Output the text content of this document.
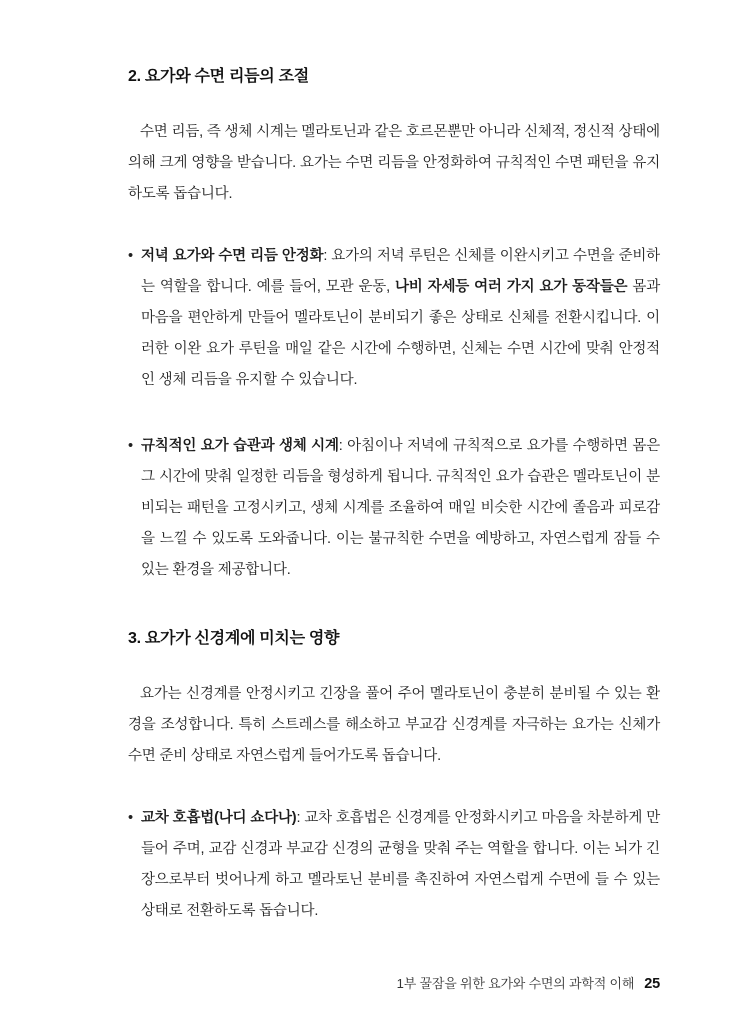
2. 요가와 수면 리듬의 조절

수면 리듬, 즉 생체 시계는 멜라토닌과 같은 호르몬뿐만 아니라 신체적, 정신적 상태에 의해 크게 영향을 받습니다. 요가는 수면 리듬을 안정화하여 규칙적인 수면 패턴을 유지하도록 돕습니다.

• 저녁 요가와 수면 리듬 안정화: 요가의 저녁 루틴은 신체를 이완시키고 수면을 준비하는 역할을 합니다. 예를 들어, 모관 운동, 나비 자세등 여러 가지 요가 동작들은 몸과 마음을 편안하게 만들어 멜라토닌이 분비되기 좋은 상태로 신체를 전환시킵니다. 이러한 이완 요가 루틴을 매일 같은 시간에 수행하면, 신체는 수면 시간에 맞춰 안정적인 생체 리듬을 유지할 수 있습니다.
• 규칙적인 요가 습관과 생체 시계: 아침이나 저녁에 규칙적으로 요가를 수행하면 몸은 그 시간에 맞춰 일정한 리듬을 형성하게 됩니다. 규칙적인 요가 습관은 멜라토닌이 분비되는 패턴을 고정시키고, 생체 시계를 조율하여 매일 비슷한 시간에 졸음과 피로감을 느낄 수 있도록 도와줍니다. 이는 불규칙한 수면을 예방하고, 자연스럽게 잠들 수 있는 환경을 제공합니다.
3. 요가가 신경계에 미치는 영향

요가는 신경계를 안정시키고 긴장을 풀어 주어 멜라토닌이 충분히 분비될 수 있는 환경을 조성합니다. 특히 스트레스를 해소하고 부교감 신경계를 자극하는 요가는 신체가 수면 준비 상태로 자연스럽게 들어가도록 돕습니다.

• 교차 호흡법(나디 쇼다나): 교차 호흡법은 신경계를 안정화시키고 마음을 차분하게 만들어 주며, 교감 신경과 부교감 신경의 균형을 맞춰 주는 역할을 합니다. 이는 뇌가 긴장으로부터 벗어나게 하고 멜라토닌 분비를 촉진하여 자연스럽게 수면에 들 수 있는 상태로 전환하도록 돕습니다.
1부 꿀잠을 위한 요가와 수면의 과학적 이해 25
